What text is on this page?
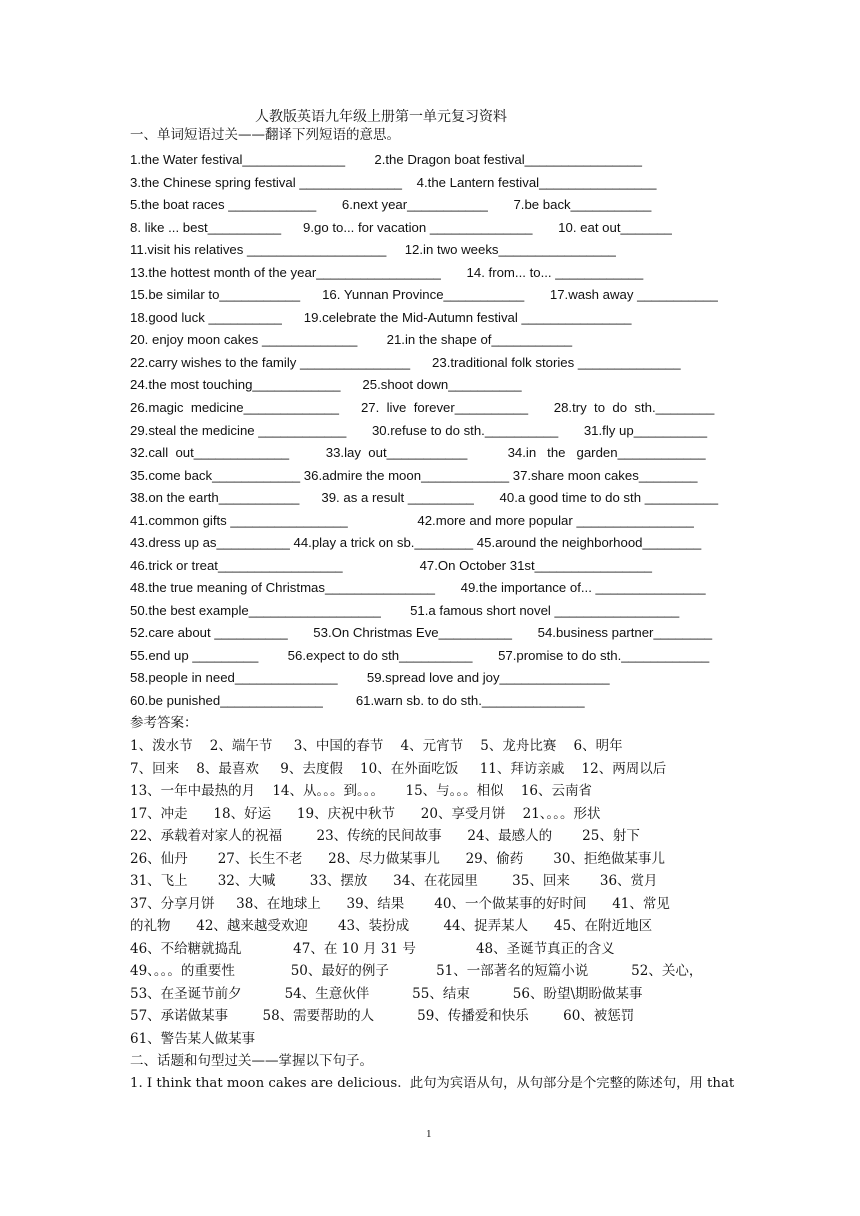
人教版英语九年级上册第一单元复习资料
一、单词短语过关——翻译下列短语的意思。
1.the Water festival______________        2.the Dragon boat festival________________
3.the Chinese spring festival ______________    4.the Lantern festival________________
5.the boat races ____________       6.next year___________       7.be back___________
8. like ... best__________      9.go to... for vacation ______________       10. eat out_______
11.visit his relatives ___________________     12.in two weeks________________
13.the hottest month of the year_________________       14. from... to... ____________
15.be similar to___________      16. Yunnan Province___________       17.wash away ___________
18.good luck __________      19.celebrate the Mid-Autumn festival _______________
20. enjoy moon cakes _____________        21.in the shape of___________
22.carry wishes to the family _______________      23.traditional folk stories ______________
24.the most touching____________      25.shoot down__________
26.magic  medicine_____________      27.  live  forever__________       28.try  to  do  sth.________
29.steal the medicine ____________       30.refuse to do sth.__________       31.fly up__________
32.call  out_____________          33.lay  out___________           34.in   the   garden____________
35.come back____________ 36.admire the moon____________ 37.share moon cakes________
38.on the earth___________      39. as a result _________       40.a good time to do sth __________
41.common gifts ________________                   42.more and more popular ________________
43.dress up as__________ 44.play a trick on sb.________ 45.around the neighborhood________
46.trick or treat_________________                     47.On October 31st________________
48.the true meaning of Christmas_______________       49.the importance of... _______________
50.the best example__________________        51.a famous short novel _________________
52.care about __________       53.On Christmas Eve__________       54.business partner________
55.end up _________        56.expect to do sth__________       57.promise to do sth.____________
58.people in need______________        59.spread love and joy_______________
60.be punished______________         61.warn sb. to do sth.______________
参考答案：
1、泼水节    2、端午节     3、中国的春节    4、元宵节    5、龙舟比赛    6、明年
7、回来    8、最喜欢     9、去度假    10、在外面吃饭     11、拜访亲戚    12、两周以后
13、一年中最热的月    14、从。。。到。。。     15、与。。。相似    16、云南省
17、冲走      18、好运      19、庆祝中秋节      20、享受月饼    21、。。。形状
22、承载着对家人的祝福        23、传统的民间故事      24、最感人的       25、射下
26、仙丹       27、长生不老      28、尽力做某事儿      29、偷药       30、拒绝做某事儿
31、飞上       32、大喊        33、摆放      34、在花园里        35、回来       36、赏月
37、分享月饼     38、在地球上      39、结果       40、一个做某事的好时间      41、常见
的礼物      42、越来越受欢迎       43、装扮成        44、捉弄某人      45、在附近地区
46、不给糖就捣乱            47、在 10 月 31 号              48、圣诞节真正的含义
49、。。。的重要性             50、最好的例子           51、一部著名的短篇小说          52、关心，
53、在圣诞节前夕          54、生意伙伴          55、结束          56、盼望\期盼做某事
57、承诺做某事        58、需要帮助的人          59、传播爱和快乐        60、被惩罚
61、警告某人做某事
二、话题和句型过关——掌握以下句子。
1. I think that moon cakes are delicious.  此句为宾语从句，从句部分是个完整的陈述句，用 that
1
